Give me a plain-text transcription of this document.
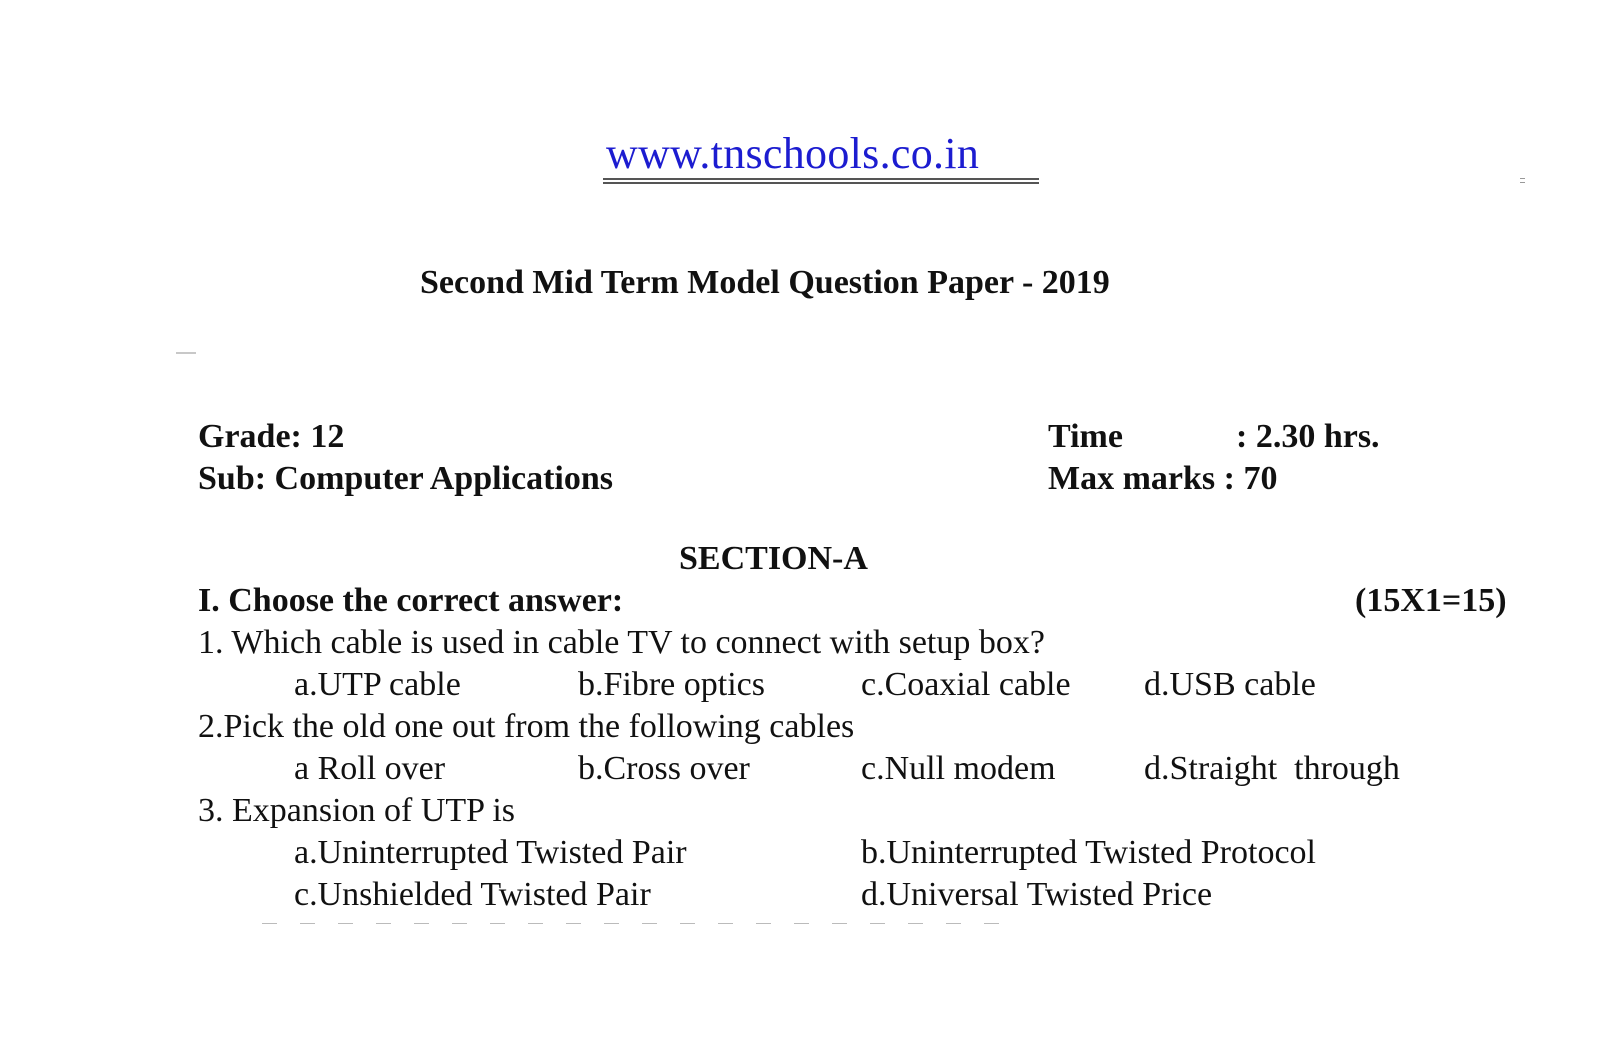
www.tnschools.co.in
Second Mid Term Model Question Paper - 2019
Grade: 12
Sub: Computer Applications
Time	: 2.30 hrs.
Max marks : 70
SECTION-A
I. Choose the correct answer:	(15X1=15)
1. Which cable is used in cable TV to connect with setup box?
a.UTP cable	b.Fibre optics	c.Coaxial cable d.USB cable
2.Pick the old one out from the following cables
a Roll over	b.Cross over	c.Null modem	d.Straight  through
3. Expansion of UTP is
a.Uninterrupted Twisted Pair	b.Uninterrupted Twisted Protocol
c.Unshielded Twisted Pair	d.Universal Twisted Price
